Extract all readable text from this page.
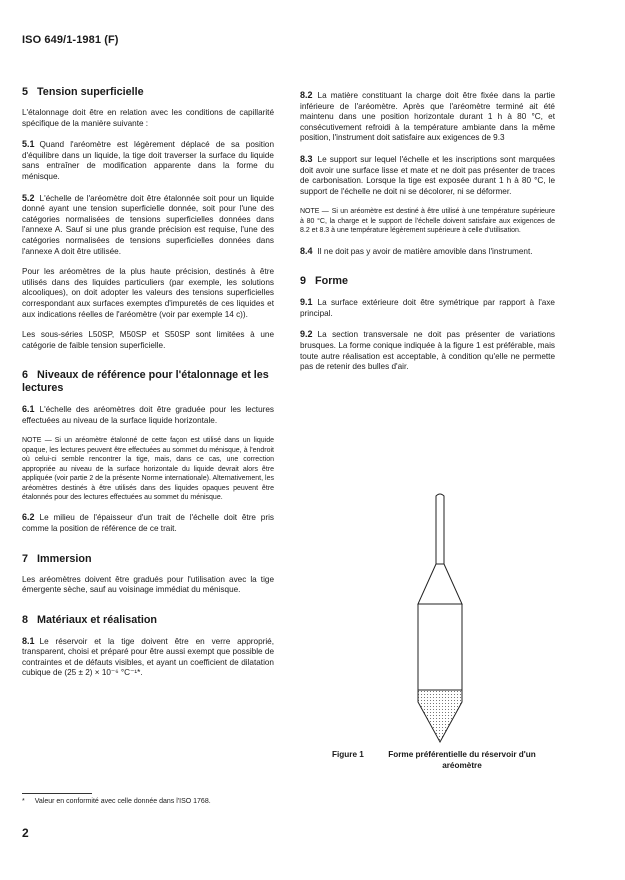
ISO 649/1-1981 (F)
5 Tension superficielle

L'étalonnage doit être en relation avec les conditions de capillarité spécifique de la manière suivante :

5.1 Quand l'aréomètre est légèrement déplacé de sa position d'équilibre dans un liquide, la tige doit traverser la surface du liquide sans entraîner de modification apparente dans la forme du ménisque.

5.2 L'échelle de l'aréomètre doit être étalonnée soit pour un liquide donné ayant une tension superficielle donnée, soit pour l'une des catégories normalisées de tensions superficielles données dans l'annexe A. Sauf si une plus grande précision est requise, l'une des catégories normalisées de tensions superficielles données dans l'annexe A doit être utilisée.

Pour les aréomètres de la plus haute précision, destinés à être utilisés dans des liquides particuliers (par exemple, les solutions alcooliques), on doit adopter les valeurs des tensions superficielles correspondant aux surfaces exemptes d'impuretés de ces liquides et aux indications réelles de l'aréomètre (voir par exemple 14 c)).

Les sous-séries L50SP, M50SP et S50SP sont limitées à une catégorie de faible tension superficielle.

6 Niveaux de référence pour l'étalonnage et les lectures

6.1 L'échelle des aréomètres doit être graduée pour les lectures effectuées au niveau de la surface liquide horizontale.

NOTE — Si un aréomètre étalonné de cette façon est utilisé dans un liquide opaque, les lectures peuvent être effectuées au sommet du ménisque, à l'endroit où celui-ci semble rencontrer la tige, mais, dans ce cas, une correction appropriée au niveau de la surface horizontale du liquide devrait alors être appliquée (voir partie 2 de la présente Norme internationale). Alternativement, les aréomètres destinés à être utilisés dans des liquides opaques peuvent être étalonnés pour des lectures effectuées au sommet du ménisque.

6.2 Le milieu de l'épaisseur d'un trait de l'échelle doit être pris comme la position de référence de ce trait.

7 Immersion

Les aréomètres doivent être gradués pour l'utilisation avec la tige émergente sèche, sauf au voisinage immédiat du ménisque.

8 Matériaux et réalisation

8.1 Le réservoir et la tige doivent être en verre approprié, transparent, choisi et préparé pour être aussi exempt que possible de contraintes et de défauts visibles, et ayant un coefficient de dilatation cubique de (25 ± 2) × 10⁻⁶ °C⁻¹*.

8.2 La matière constituant la charge doit être fixée dans la partie inférieure de l'aréomètre. Après que l'aréomètre terminé ait été maintenu dans une position horizontale durant 1 h à 80 °C, et consécutivement refroidi à la température ambiante dans la même position, l'instrument doit satisfaire aux exigences de 9.3

8.3 Le support sur lequel l'échelle et les inscriptions sont marquées doit avoir une surface lisse et mate et ne doit pas présenter de traces de carbonisation. Lorsque la tige est exposée durant 1 h à 80 °C, le support de l'échelle ne doit ni se décolorer, ni se déformer.

NOTE — Si un aréomètre est destiné à être utilisé à une température supérieure à 80 °C, la charge et le support de l'échelle doivent satisfaire aux exigences de 8.2 et 8.3 à une température légèrement supérieure à celle d'utilisation.

8.4 Il ne doit pas y avoir de matière amovible dans l'instrument.

9 Forme

9.1 La surface extérieure doit être symétrique par rapport à l'axe principal.

9.2 La section transversale ne doit pas présenter de variations brusques. La forme conique indiquée à la figure 1 est préférable, mais toute autre réalisation est acceptable, à condition qu'elle ne permette pas de retenir des bulles d'air.

Figure 1	Forme préférentielle du réservoir d'un aréomètre
* Valeur en conformité avec celle donnée dans l'ISO 1768.
2
